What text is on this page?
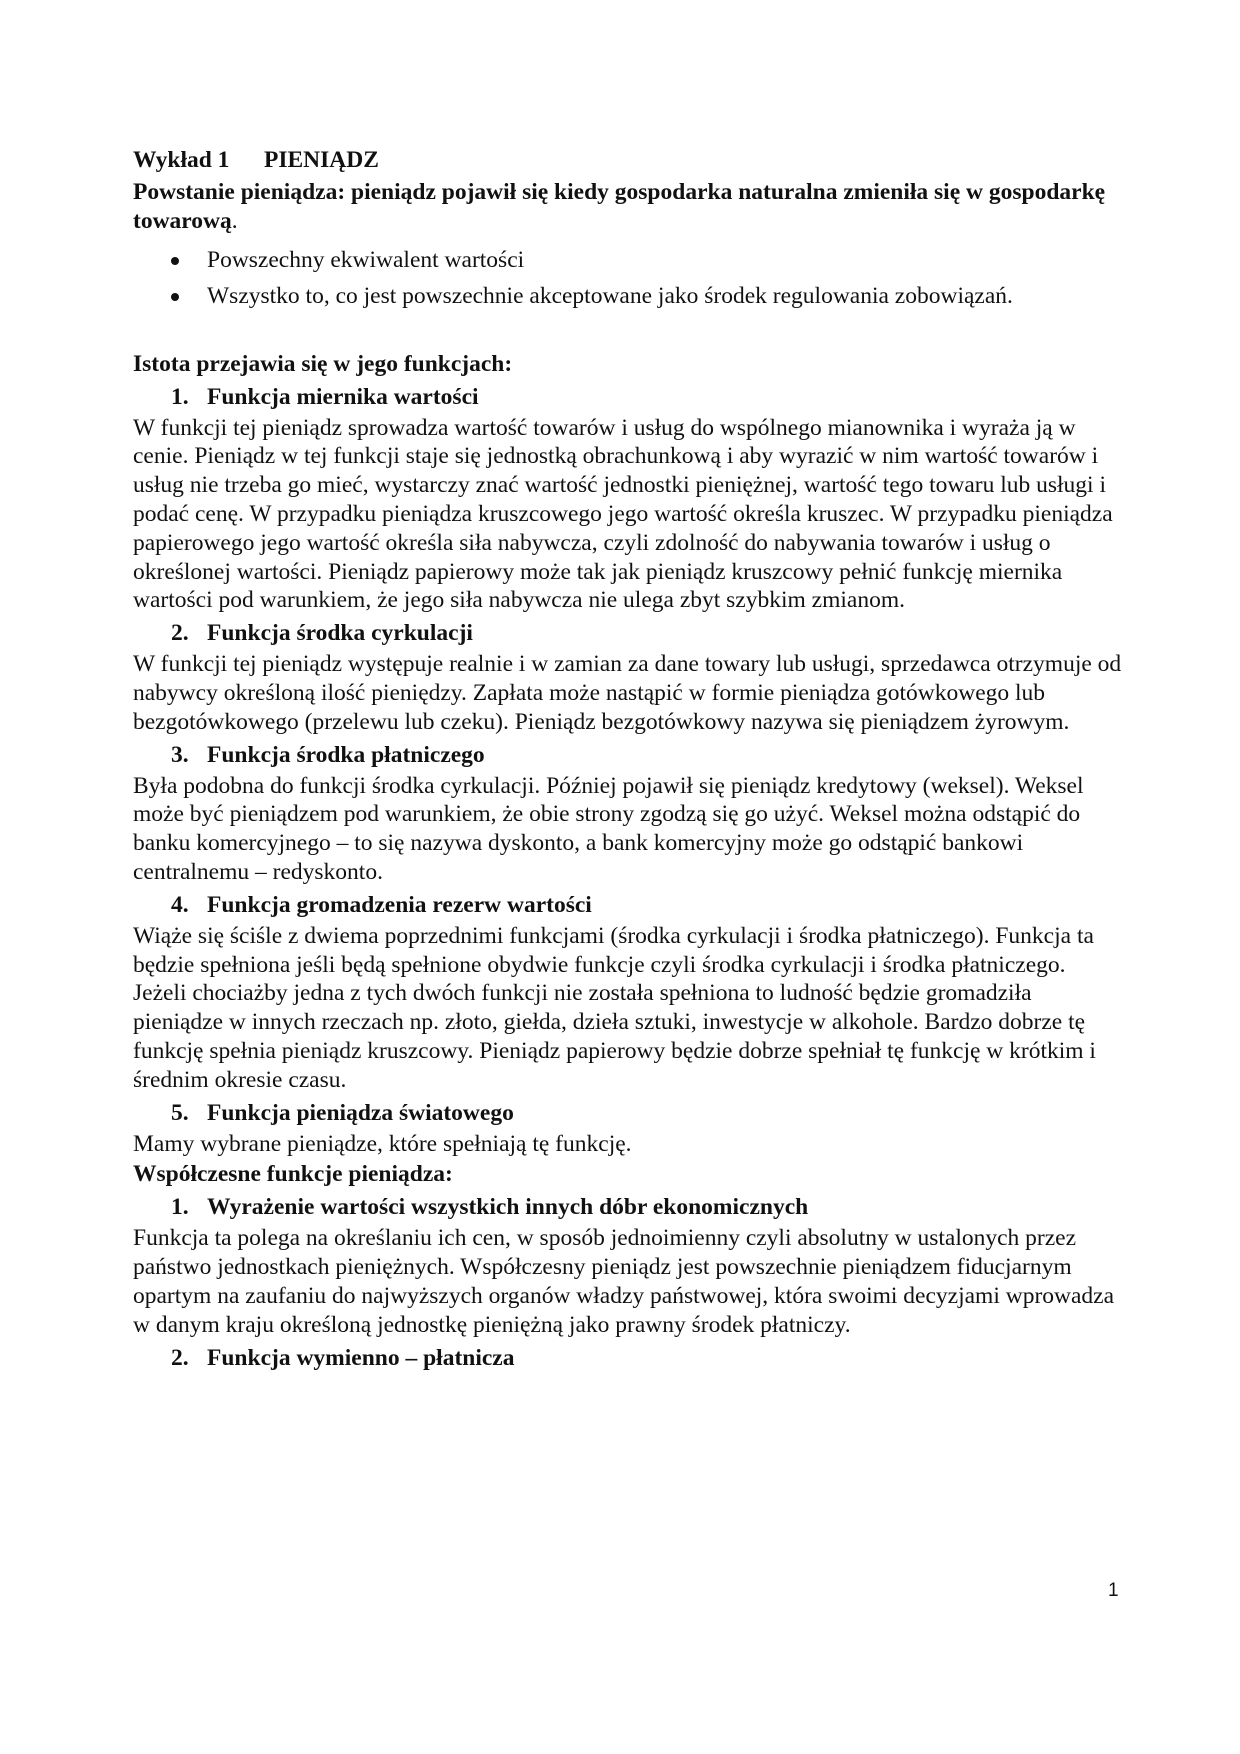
Wykład 1 PIENIĄDZ

Powstanie pieniądza: pieniądz pojawił się kiedy gospodarka naturalna zmieniła się w gospodarkę towarową.

Powszechny ekwiwalent wartości
Wszystko to, co jest powszechnie akceptowane jako środek regulowania zobowiązań.
Istota przejawia się w jego funkcjach:
1. Funkcja miernika wartości

W funkcji tej pieniądz sprowadza wartość towarów i usług do wspólnego mianownika i wyraża ją w cenie. Pieniądz w tej funkcji staje się jednostką obrachunkową i aby wyrazić w nim wartość towarów i usług nie trzeba go mieć, wystarczy znać wartość jednostki pieniężnej, wartość tego towaru lub usługi i podać cenę. W przypadku pieniądza kruszcowego jego wartość określa kruszec. W przypadku pieniądza papierowego jego wartość określa siła nabywcza, czyli zdolność do nabywania towarów i usług o określonej wartości. Pieniądz papierowy może tak jak pieniądz kruszcowy pełnić funkcję miernika wartości pod warunkiem, że jego siła nabywcza nie ulega zbyt szybkim zmianom.

2. Funkcja środka cyrkulacji

W funkcji tej pieniądz występuje realnie i w zamian za dane towary lub usługi, sprzedawca otrzymuje od nabywcy określoną ilość pieniędzy. Zapłata może nastąpić w formie pieniądza gotówkowego lub bezgotówkowego (przelewu lub czeku). Pieniądz bezgotówkowy nazywa się pieniądzem żyrowym.

3. Funkcja środka płatniczego

Była podobna do funkcji środka cyrkulacji. Później pojawił się pieniądz kredytowy (weksel). Weksel może być pieniądzem pod warunkiem, że obie strony zgodzą się go użyć. Weksel można odstąpić do banku komercyjnego – to się nazywa dyskonto, a bank komercyjny może go odstąpić bankowi centralnemu – redyskonto.

4. Funkcja gromadzenia rezerw wartości

Wiąże się ściśle z dwiema poprzednimi funkcjami (środka cyrkulacji i środka płatniczego). Funkcja ta będzie spełniona jeśli będą spełnione obydwie funkcje czyli środka cyrkulacji i środka płatniczego. Jeżeli chociażby jedna z tych dwóch funkcji nie została spełniona to ludność będzie gromadziła pieniądze w innych rzeczach np. złoto, giełda, dzieła sztuki, inwestycje w alkohole. Bardzo dobrze tę funkcję spełnia pieniądz kruszcowy. Pieniądz papierowy będzie dobrze spełniał tę funkcję w krótkim i średnim okresie czasu.

5. Funkcja pieniądza światowego

Mamy wybrane pieniądze, które spełniają tę funkcję.

Współczesne funkcje pieniądza:
1. Wyrażenie wartości wszystkich innych dóbr ekonomicznych

Funkcja ta polega na określaniu ich cen, w sposób jednoimienny czyli absolutny w ustalonych przez państwo jednostkach pieniężnych. Współczesny pieniądz jest powszechnie pieniądzem fiducjarnym opartym na zaufaniu do najwyższych organów władzy państwowej, która swoimi decyzjami wprowadza w danym kraju określoną jednostkę pieniężną jako prawny środek płatniczy.

2. Funkcja wymienno – płatnicza
1
